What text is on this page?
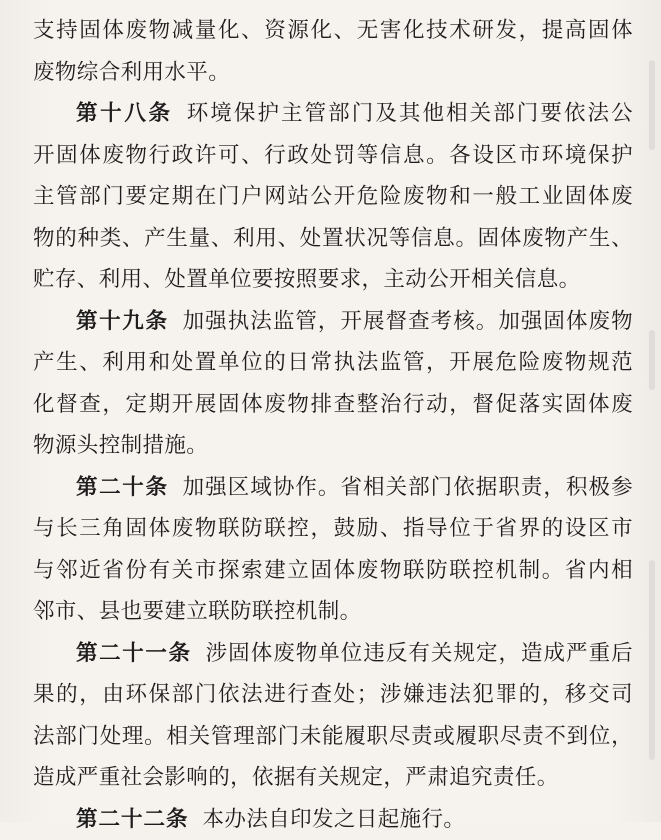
支持固体废物减量化、资源化、无害化技术研发，提高固体
废物综合利用水平。
第十八条 环境保护主管部门及其他相关部门要依法公
开固体废物行政许可、行政处罚等信息。各设区市环境保护
主管部门要定期在门户网站公开危险废物和一般工业固体废
物的种类、产生量、利用、处置状况等信息。固体废物产生、
贮存、利用、处置单位要按照要求，主动公开相关信息。
第十九条 加强执法监管，开展督查考核。加强固体废物
产生、利用和处置单位的日常执法监管，开展危险废物规范
化督查，定期开展固体废物排查整治行动，督促落实固体废
物源头控制措施。
第二十条 加强区域协作。省相关部门依据职责，积极参
与长三角固体废物联防联控，鼓励、指导位于省界的设区市
与邻近省份有关市探索建立固体废物联防联控机制。省内相
邻市、县也要建立联防联控机制。
第二十一条 涉固体废物单位违反有关规定，造成严重后
果的，由环保部门依法进行查处；涉嫌违法犯罪的，移交司
法部门处理。相关管理部门未能履职尽责或履职尽责不到位，
造成严重社会影响的，依据有关规定，严肃追究责任。
第二十二条 本办法自印发之日起施行。
